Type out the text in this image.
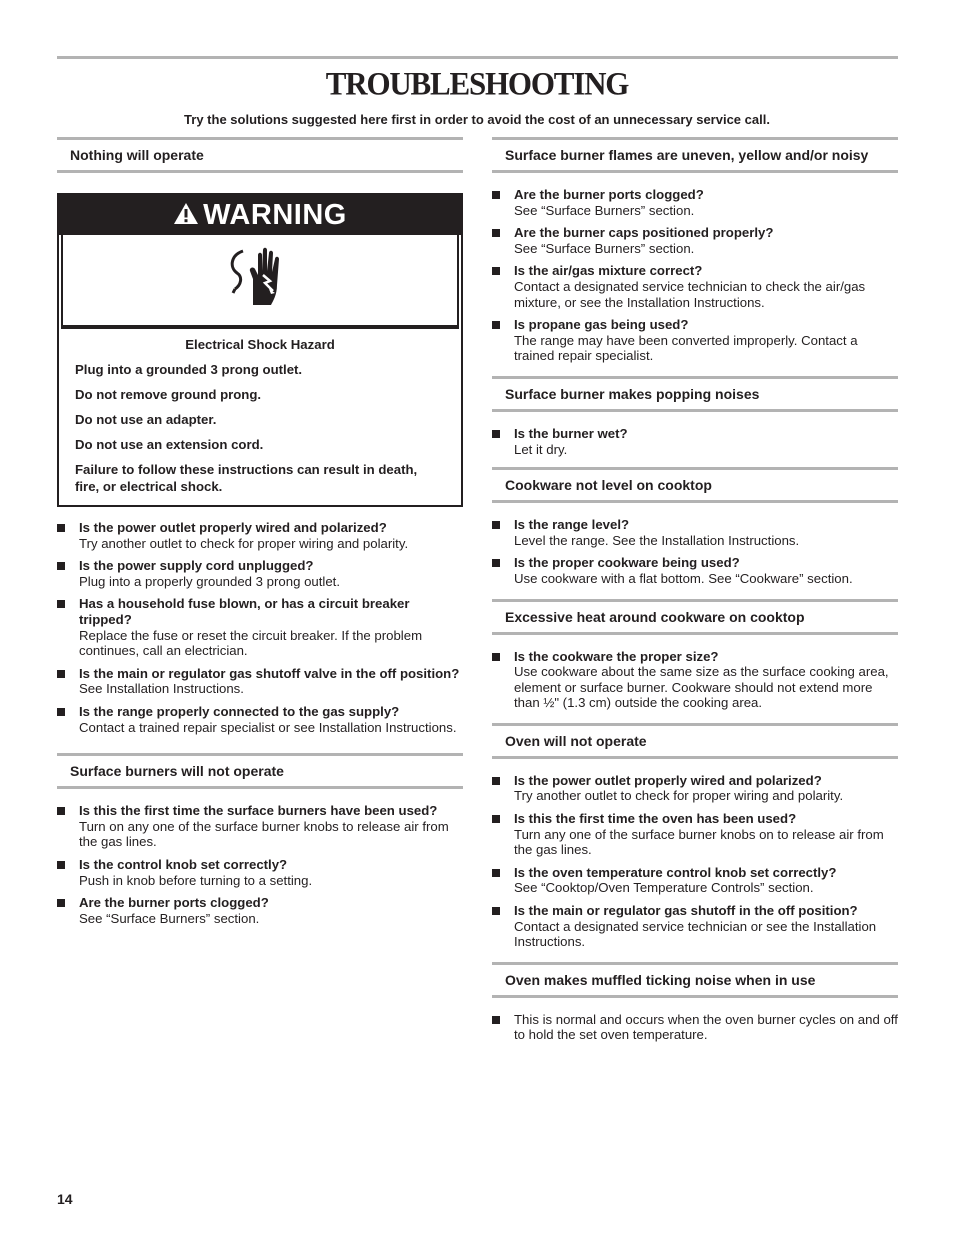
TROUBLESHOOTING
Try the solutions suggested here first in order to avoid the cost of an unnecessary service call.
Nothing will operate
WARNING
Electrical Shock Hazard

Plug into a grounded 3 prong outlet.

Do not remove ground prong.

Do not use an adapter.

Do not use an extension cord.

Failure to follow these instructions can result in death, fire, or electrical shock.

Is the power outlet properly wired and polarized?
Try another outlet to check for proper wiring and polarity.
Is the power supply cord unplugged?
Plug into a properly grounded 3 prong outlet.
Has a household fuse blown, or has a circuit breaker tripped?
Replace the fuse or reset the circuit breaker. If the problem continues, call an electrician.
Is the main or regulator gas shutoff valve in the off position?
See Installation Instructions.
Is the range properly connected to the gas supply?
Contact a trained repair specialist or see Installation Instructions.
Surface burners will not operate
Is this the first time the surface burners have been used?
Turn on any one of the surface burner knobs to release air from the gas lines.
Is the control knob set correctly?
Push in knob before turning to a setting.
Are the burner ports clogged?
See “Surface Burners” section.
Surface burner flames are uneven, yellow and/or noisy
Are the burner ports clogged?
See “Surface Burners” section.
Are the burner caps positioned properly?
See “Surface Burners” section.
Is the air/gas mixture correct?
Contact a designated service technician to check the air/gas mixture, or see the Installation Instructions.
Is propane gas being used?
The range may have been converted improperly. Contact a trained repair specialist.
Surface burner makes popping noises
Is the burner wet?
Let it dry.
Cookware not level on cooktop
Is the range level?
Level the range. See the Installation Instructions.
Is the proper cookware being used?
Use cookware with a flat bottom. See “Cookware” section.
Excessive heat around cookware on cooktop
Is the cookware the proper size?
Use cookware about the same size as the surface cooking area, element or surface burner. Cookware should not extend more than ½" (1.3 cm) outside the cooking area.
Oven will not operate
Is the power outlet properly wired and polarized?
Try another outlet to check for proper wiring and polarity.
Is this the first time the oven has been used?
Turn any one of the surface burner knobs on to release air from the gas lines.
Is the oven temperature control knob set correctly?
See “Cooktop/Oven Temperature Controls” section.
Is the main or regulator gas shutoff in the off position?
Contact a designated service technician or see the Installation Instructions.
Oven makes muffled ticking noise when in use
This is normal and occurs when the oven burner cycles on and off to hold the set oven temperature.
14
